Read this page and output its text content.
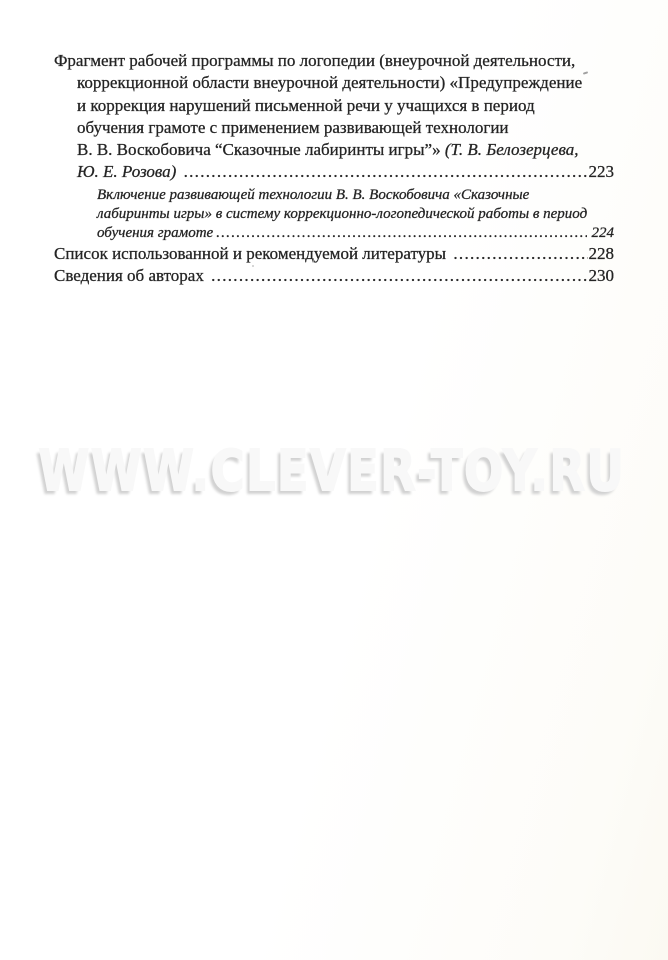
Фрагмент рабочей программы по логопедии (внеурочной деятельности,
коррекционной области внеурочной деятельности) «Предупреждение
и коррекция нарушений письменной речи у учащихся в период
обучения грамоте с применением развивающей технологии
В. В. Воскобовича “Сказочные лабиринты игры”» (Т. В. Белозерцева,
Ю. Е. Розова) .....	223
Включение развивающей технологии В. В. Воскобовича «Сказочные
лабиринты игры» в систему коррекционно-логопедической работы в период
обучения грамоте .....	224
Список использованной и рекомендуемой литературы .....	228
Сведения об авторах .....	230
WWW.CLEVER-TOY.RU
